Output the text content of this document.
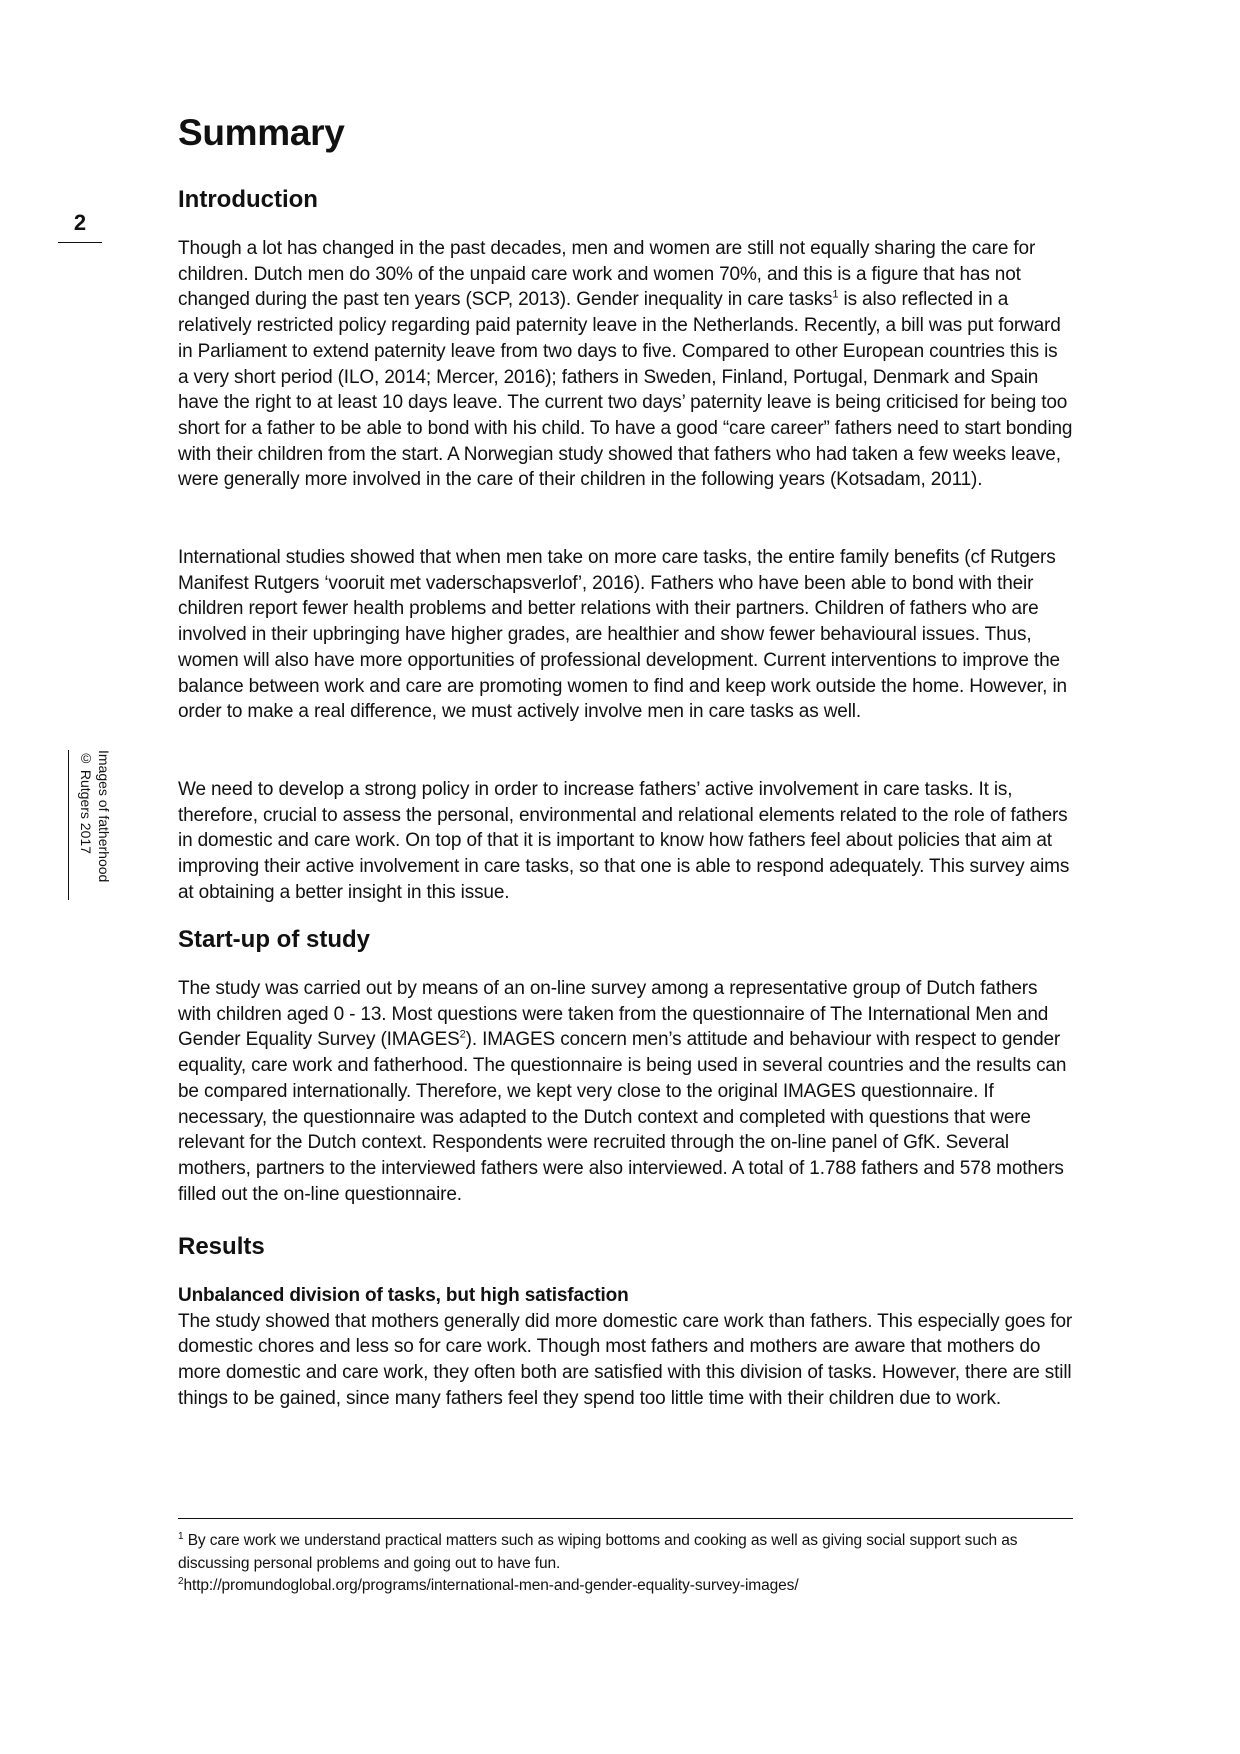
2
Images of fatherhood
© Rutgers 2017
Summary
Introduction

Though a lot has changed in the past decades, men and women are still not equally sharing the care for children. Dutch men do 30% of the unpaid care work and women 70%, and this is a figure that has not changed during the past ten years (SCP, 2013). Gender inequality in care tasks$^1$ is also reflected in a relatively restricted policy regarding paid paternity leave in the Netherlands. Recently, a bill was put forward in Parliament to extend paternity leave from two days to five. Compared to other European countries this is a very short period (ILO, 2014; Mercer, 2016); fathers in Sweden, Finland, Portugal, Denmark and Spain have the right to at least 10 days leave. The current two days’ paternity leave is being criticised for being too short for a father to be able to bond with his child. To have a good “care career” fathers need to start bonding with their children from the start. A Norwegian study showed that fathers who had taken a few weeks leave, were generally more involved in the care of their children in the following years (Kotsadam, 2011).

International studies showed that when men take on more care tasks, the entire family benefits (cf Rutgers Manifest Rutgers ‘vooruit met vaderschapsverlof’, 2016). Fathers who have been able to bond with their children report fewer health problems and better relations with their partners. Children of fathers who are involved in their upbringing have higher grades, are healthier and show fewer behavioural issues. Thus, women will also have more opportunities of professional development. Current interventions to improve the balance between work and care are promoting women to find and keep work outside the home. However, in order to make a real difference, we must actively involve men in care tasks as well.

We need to develop a strong policy in order to increase fathers’ active involvement in care tasks. It is, therefore, crucial to assess the personal, environmental and relational elements related to the role of fathers in domestic and care work. On top of that it is important to know how fathers feel about policies that aim at improving their active involvement in care tasks, so that one is able to respond adequately. This survey aims at obtaining a better insight in this issue.

Start-up of study

The study was carried out by means of an on-line survey among a representative group of Dutch fathers with children aged 0 - 13. Most questions were taken from the questionnaire of The International Men and Gender Equality Survey (IMAGES$^2$). IMAGES concern men’s attitude and behaviour with respect to gender equality, care work and fatherhood. The questionnaire is being used in several countries and the results can be compared internationally. Therefore, we kept very close to the original IMAGES questionnaire. If necessary, the questionnaire was adapted to the Dutch context and completed with questions that were relevant for the Dutch context. Respondents were recruited through the on-line panel of GfK. Several mothers, partners to the interviewed fathers were also interviewed. A total of 1.788 fathers and 578 mothers filled out the on-line questionnaire.

Results

Unbalanced division of tasks, but high satisfaction
The study showed that mothers generally did more domestic care work than fathers. This especially goes for domestic chores and less so for care work. Though most fathers and mothers are aware that mothers do more domestic and care work, they often both are satisfied with this division of tasks. However, there are still things to be gained, since many fathers feel they spend too little time with their children due to work.

$^1$ By care work we understand practical matters such as wiping bottoms and cooking as well as giving social support such as discussing personal problems and going out to have fun.
$^2$http://promundoglobal.org/programs/international-men-and-gender-equality-survey-images/
